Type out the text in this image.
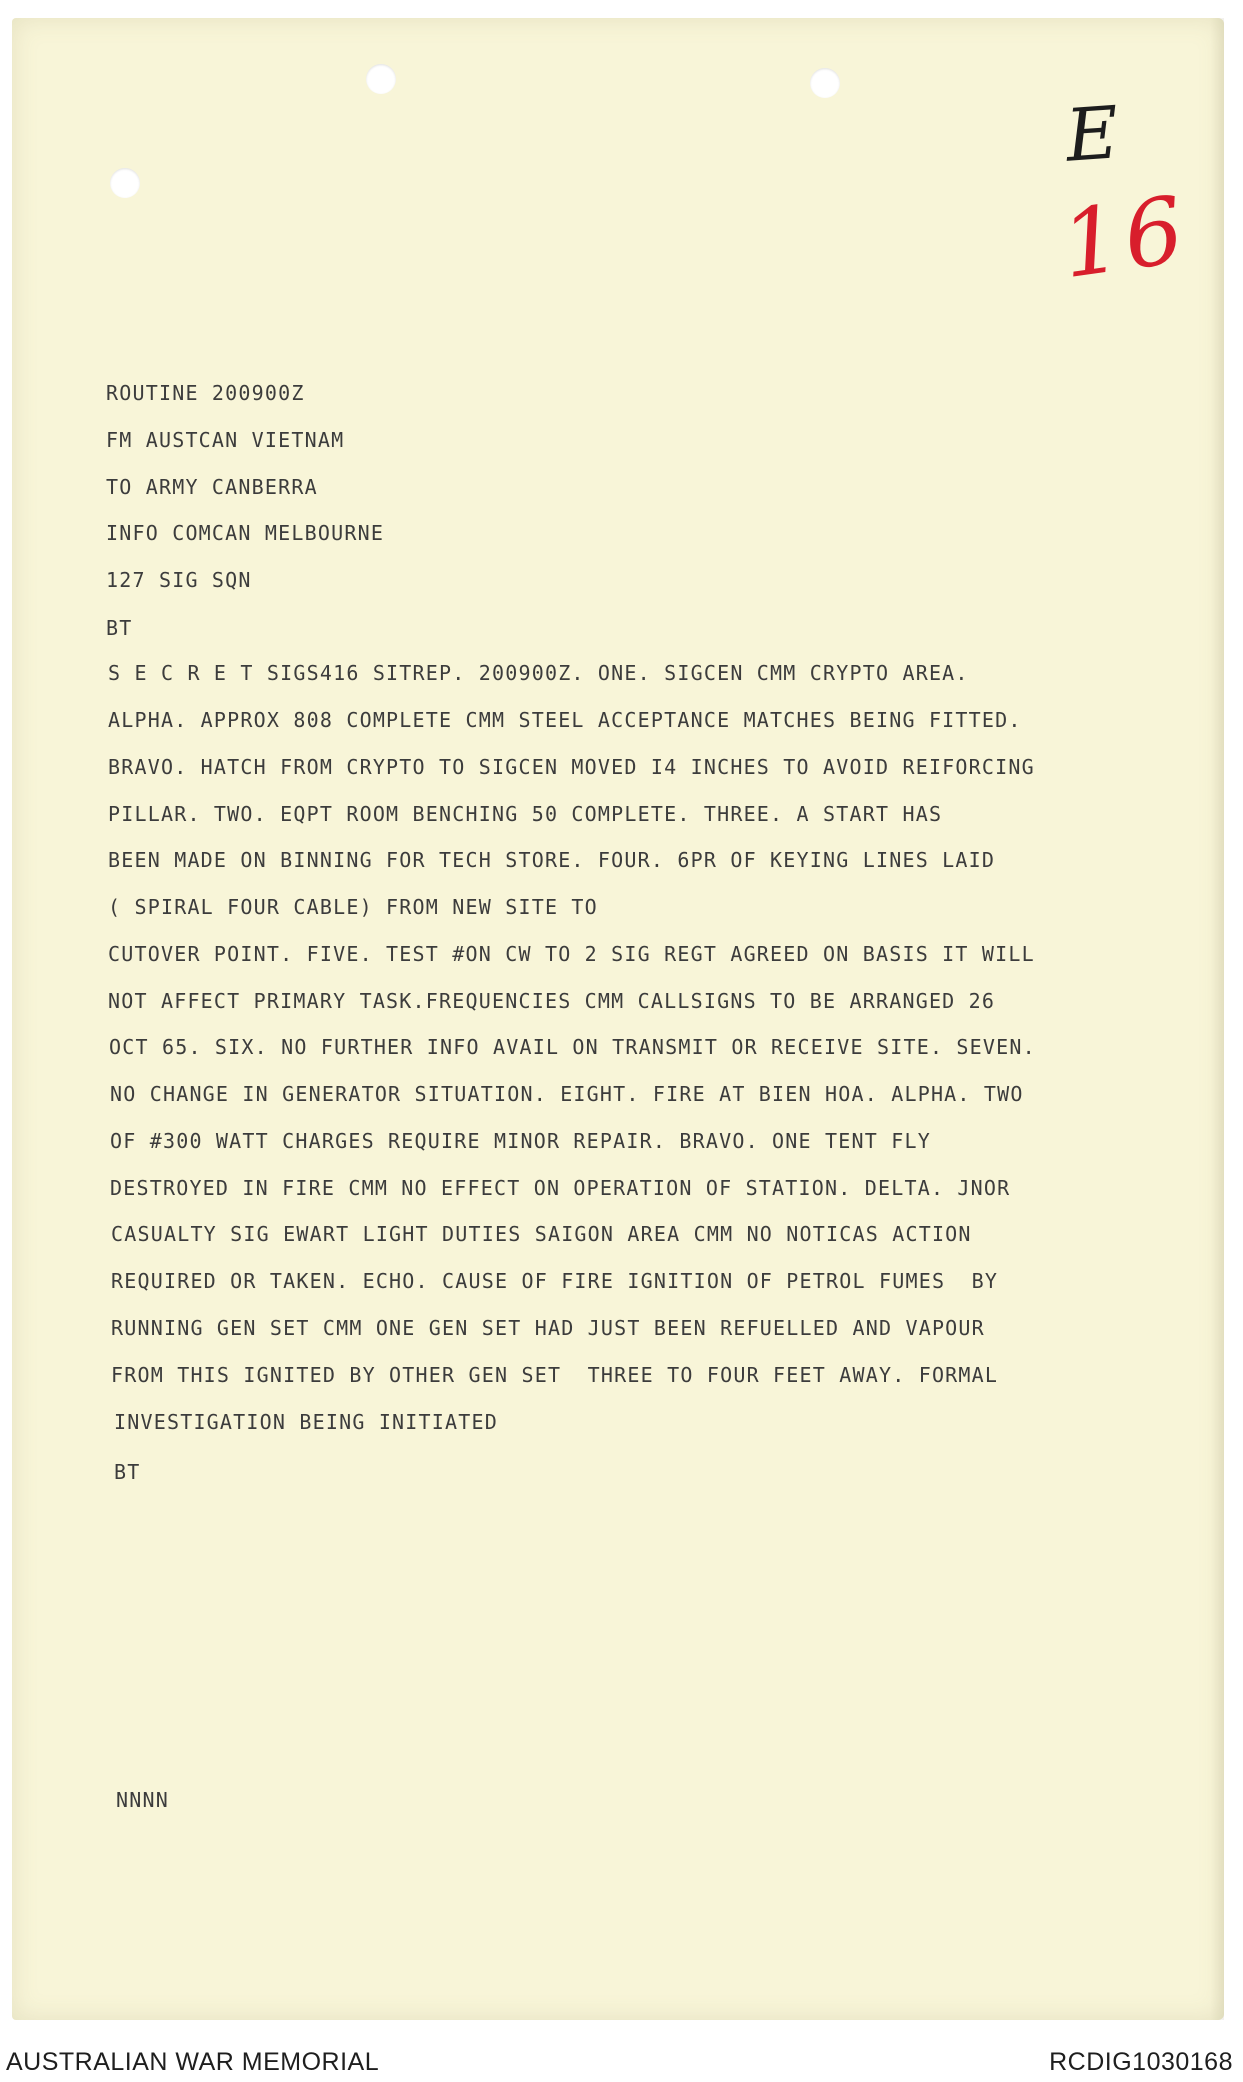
E
16
ROUTINE 200900Z
FM AUSTCAN VIETNAM
TO ARMY CANBERRA
INFO COMCAN MELBOURNE
127 SIG SQN
BT
S E C R E T SIGS416 SITREP. 200900Z. ONE. SIGCEN CMM CRYPTO AREA.
ALPHA. APPROX 808 COMPLETE CMM STEEL ACCEPTANCE MATCHES BEING FITTED.
BRAVO. HATCH FROM CRYPTO TO SIGCEN MOVED I4 INCHES TO AVOID REIFORCING
PILLAR. TWO. EQPT ROOM BENCHING 50 COMPLETE. THREE. A START HAS
BEEN MADE ON BINNING FOR TECH STORE. FOUR. 6PR OF KEYING LINES LAID
( SPIRAL FOUR CABLE) FROM NEW SITE TO
CUTOVER POINT. FIVE. TEST #ON CW TO 2 SIG REGT AGREED ON BASIS IT WILL
NOT AFFECT PRIMARY TASK.FREQUENCIES CMM CALLSIGNS TO BE ARRANGED 26
OCT 65. SIX. NO FURTHER INFO AVAIL ON TRANSMIT OR RECEIVE SITE. SEVEN.
NO CHANGE IN GENERATOR SITUATION. EIGHT. FIRE AT BIEN HOA. ALPHA. TWO
OF #300 WATT CHARGES REQUIRE MINOR REPAIR. BRAVO. ONE TENT FLY
DESTROYED IN FIRE CMM NO EFFECT ON OPERATION OF STATION. DELTA. JNOR
CASUALTY SIG EWART LIGHT DUTIES SAIGON AREA CMM NO NOTICAS ACTION
REQUIRED OR TAKEN. ECHO. CAUSE OF FIRE IGNITION OF PETROL FUMES  BY
RUNNING GEN SET CMM ONE GEN SET HAD JUST BEEN REFUELLED AND VAPOUR
FROM THIS IGNITED BY OTHER GEN SET  THREE TO FOUR FEET AWAY. FORMAL
INVESTIGATION BEING INITIATED
BT
NNNN
AUSTRALIAN WAR MEMORIAL	RCDIG1030168
